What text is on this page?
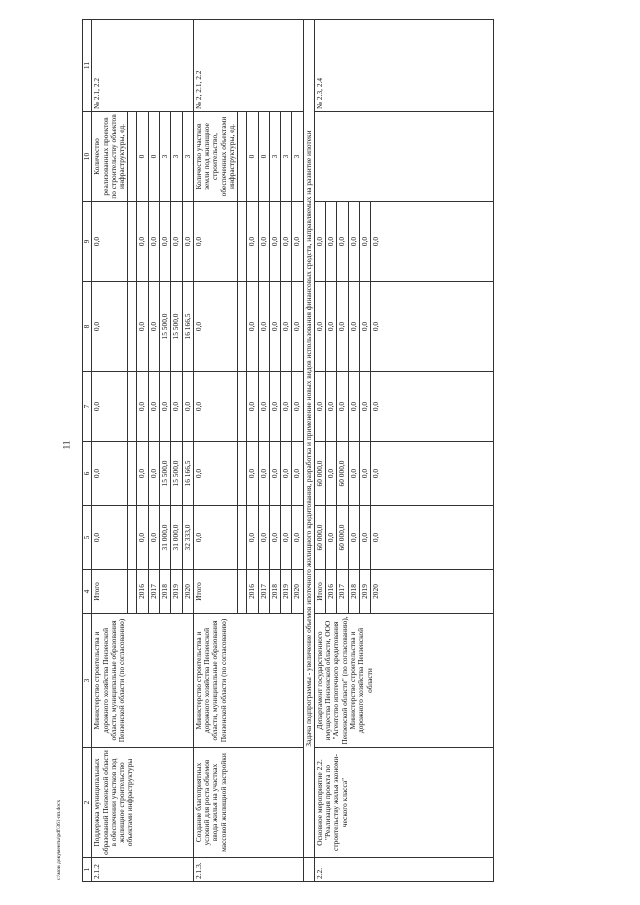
11
c:\мои документы\pdf\361-пп.docx	1	2	3	4	5	6	7	8	9	10	11
2.1.2	Поддержка муниципальных образований Пензенской области в обеспечении участков под жилищное строительство объектами инфраструктуры	Министерство строительства и дорожного хозяйства Пензенской области, муниципальные образования Пензенской области (по согласованию)	Итого	0,0	0,0	0,0	0,0	0,0	Количество реализованных проектов по строительству объектов инфраструктуры, ед.	№ 2.1, 2.2

			2016	0,0	0,0	0,0	0,0	0,0	0	
			2017	0,0	0,0	0,0	0,0	0,0	0	
			2018	31 000,0	15 500,0	0,0	15 500,0	0,0	3	
			2019	31 000,0	15 500,0	0,0	15 500,0	0,0	3	
			2020	32 333,0	16 166,5	0,0	16 166,5	0,0	3	
2.1.3.	Создание благоприятных условий для роста объемов ввода жилья на участках массовой жилищной застройки	Министерство строительства и дорожного хозяйства Пензенской области, муниципальные образования Пензенской области (по согласованию)	Итого	0,0	0,0	0,0	0,0	0,0	Количество участков земли под жилищное строительство, обеспеченных объектами инфраструктуры, ед.	№ 2, 2.1, 2.2

			2016	0,0	0,0	0,0	0,0	0,0	0	
			2017	0,0	0,0	0,0	0,0	0,0	0	
			2018	0,0	0,0	0,0	0,0	0,0	3	
			2019	0,0	0,0	0,0	0,0	0,0	3	
			2020	0,0	0,0	0,0	0,0	0,0	3	
	Задача подпрограммы - увеличение объемов ипотечного жилищного кредитования, разработка и применение новых видов использования финансовых средств, направляемых на развитие ипотеки									
2.2.	Основное мероприятие 2.2. "Реализация проекта по строительству жилья экономи-ческого класса"	Департамент государственного имущества Пензенской области, ООО "Агентство ипотечного кредитования Пензенской области" (по согласованию), Министерство строительства и дорожного хозяйства Пензенской области	Итого	60 000,0	60 000,0	0,0	0,0	0,0		№ 2.3, 2.4
			2016	0,0	0,0	0,0	0,0	0,0		
			2017	60 000,0	60 000,0	0,0	0,0	0,0		
			2018	0,0	0,0	0,0	0,0	0,0		
			2019	0,0	0,0	0,0	0,0	0,0		
			2020	0,0	0,0	0,0	0,0	0,0		
